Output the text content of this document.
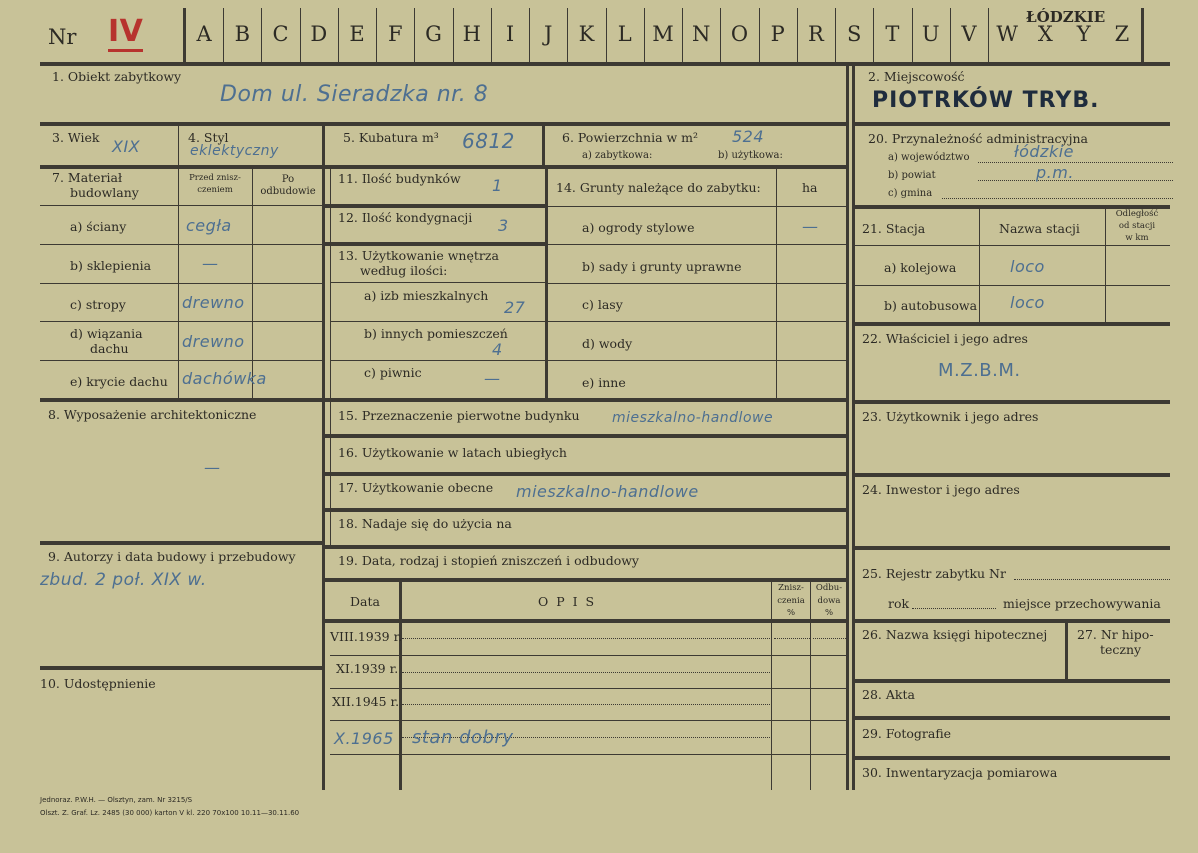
Nr IV	A B C D E F G H I J K L M N O P R S T U V W X Y Z
ŁÓDZKIE
1. Obiekt zabytkowy
Dom ul. Sieradzka nr. 8
2. Miejscowość
PIOTRKÓW TRYB.
3. Wiek XIX	4. Styl
eklektyczny
5. Kubatura m³ 6812	6. Powierzchnia w m² 524
a) zabytkowa:	b) użytkowa:
20. Przynależność administracyjna
a) województwo	łódzkie
b) powiat	p.m.
c) gmina
7. Materiał
budowlany
Przed znisz-
czeniem
Po
odbudowie
a) ściany	cegła
b) sklepienia	—
c) stropy	drewno
d) wiązania
dachu	drewno
e) krycie dachu dachówka
11. Ilość budynków 1
12. Ilość kondygnacji 3
13. Użytkowanie wnętrza
według ilości:
a) izb mieszkalnych
27
b) innych pomieszczeń
4
c) piwnic	—
14. Grunty należące do zabytku:	ha
a) ogrody stylowe	—
b) sady i grunty uprawne
c) lasy
d) wody
e) inne
21. Stacja	Nazwa stacji
Odległość
od stacji
w km
a) kolejowa	loco
b) autobusowa loco
22. Właściciel i jego adres
M.Z.B.M.
8. Wyposażenie architektoniczne
—
15. Przeznaczenie pierwotne budynku mieszkalno-handlowe
16. Użytkowanie w latach ubiegłych
17. Użytkowanie obecne mieszkalno-handlowe
18. Nadaje się do użycia na
23. Użytkownik i jego adres
24. Inwestor i jego adres
9. Autorzy i data budowy i przebudowy
zbud. 2 poł. XIX w.
10. Udostępnienie
19. Data, rodzaj i stopień zniszczeń i odbudowy
Data	O P I S
Znisz-
czenia
%
Odbu-
dowa
%
VIII.1939 r.
XI.1939 r.
XII.1945 r.
X.1965 stan dobry
25. Rejestr zabytku Nr
rok	miejsce przechowywania
26. Nazwa księgi hipotecznej 27. Nr hipo-
teczny
28. Akta
29. Fotografie
30. Inwentaryzacja pomiarowa
Jednoraz. P.W.H. — Olsztyn, zam. Nr 3215/S
Olszt. Z. Graf. Lz. 2485 (30 000) karton V kl. 220 70x100 10.11—30.11.60
